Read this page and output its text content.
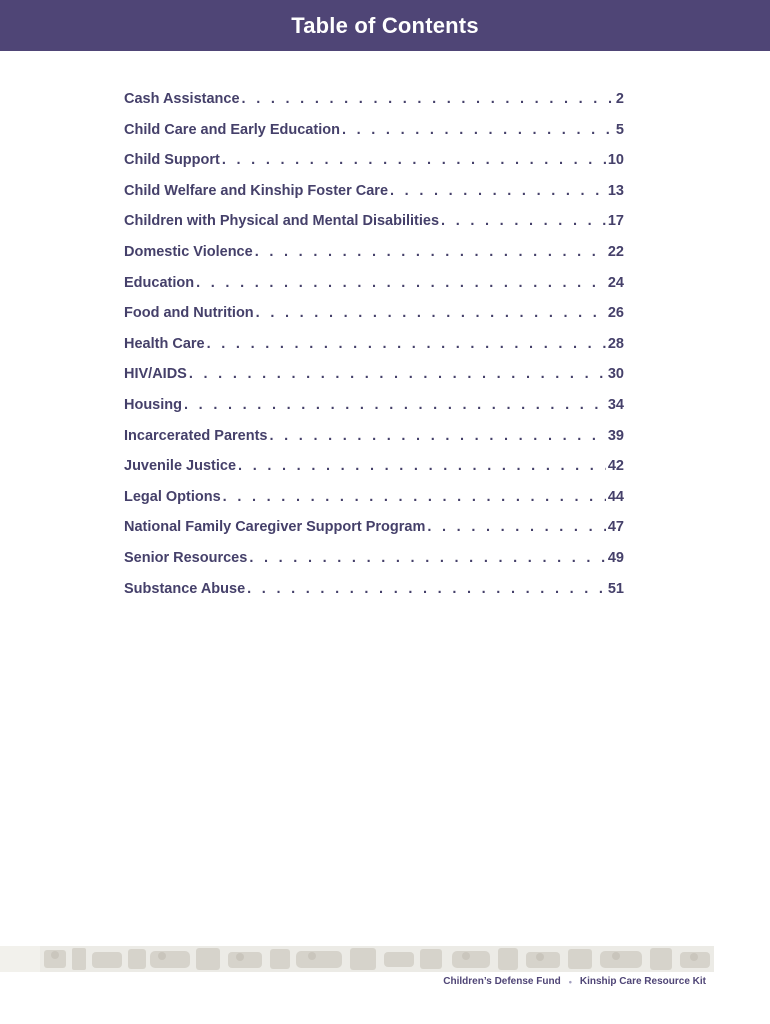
Table of Contents
Cash Assistance . . .	2
Child Care and Early Education . . .	5
Child Support . . .	10
Child Welfare and Kinship Foster Care . . .	13
Children with Physical and Mental Disabilities . . .	17
Domestic Violence . . .	22
Education . . .	24
Food and Nutrition . . .	26
Health Care . . .	28
HIV/AIDS . . .	30
Housing . . .	34
Incarcerated Parents . . .	39
Juvenile Justice . . .	42
Legal Options . . .	44
National Family Caregiver Support Program . . .	47
Senior Resources . . .	49
Substance Abuse . . .	51
Children’s Defense Fund • Kinship Care Resource Kit
